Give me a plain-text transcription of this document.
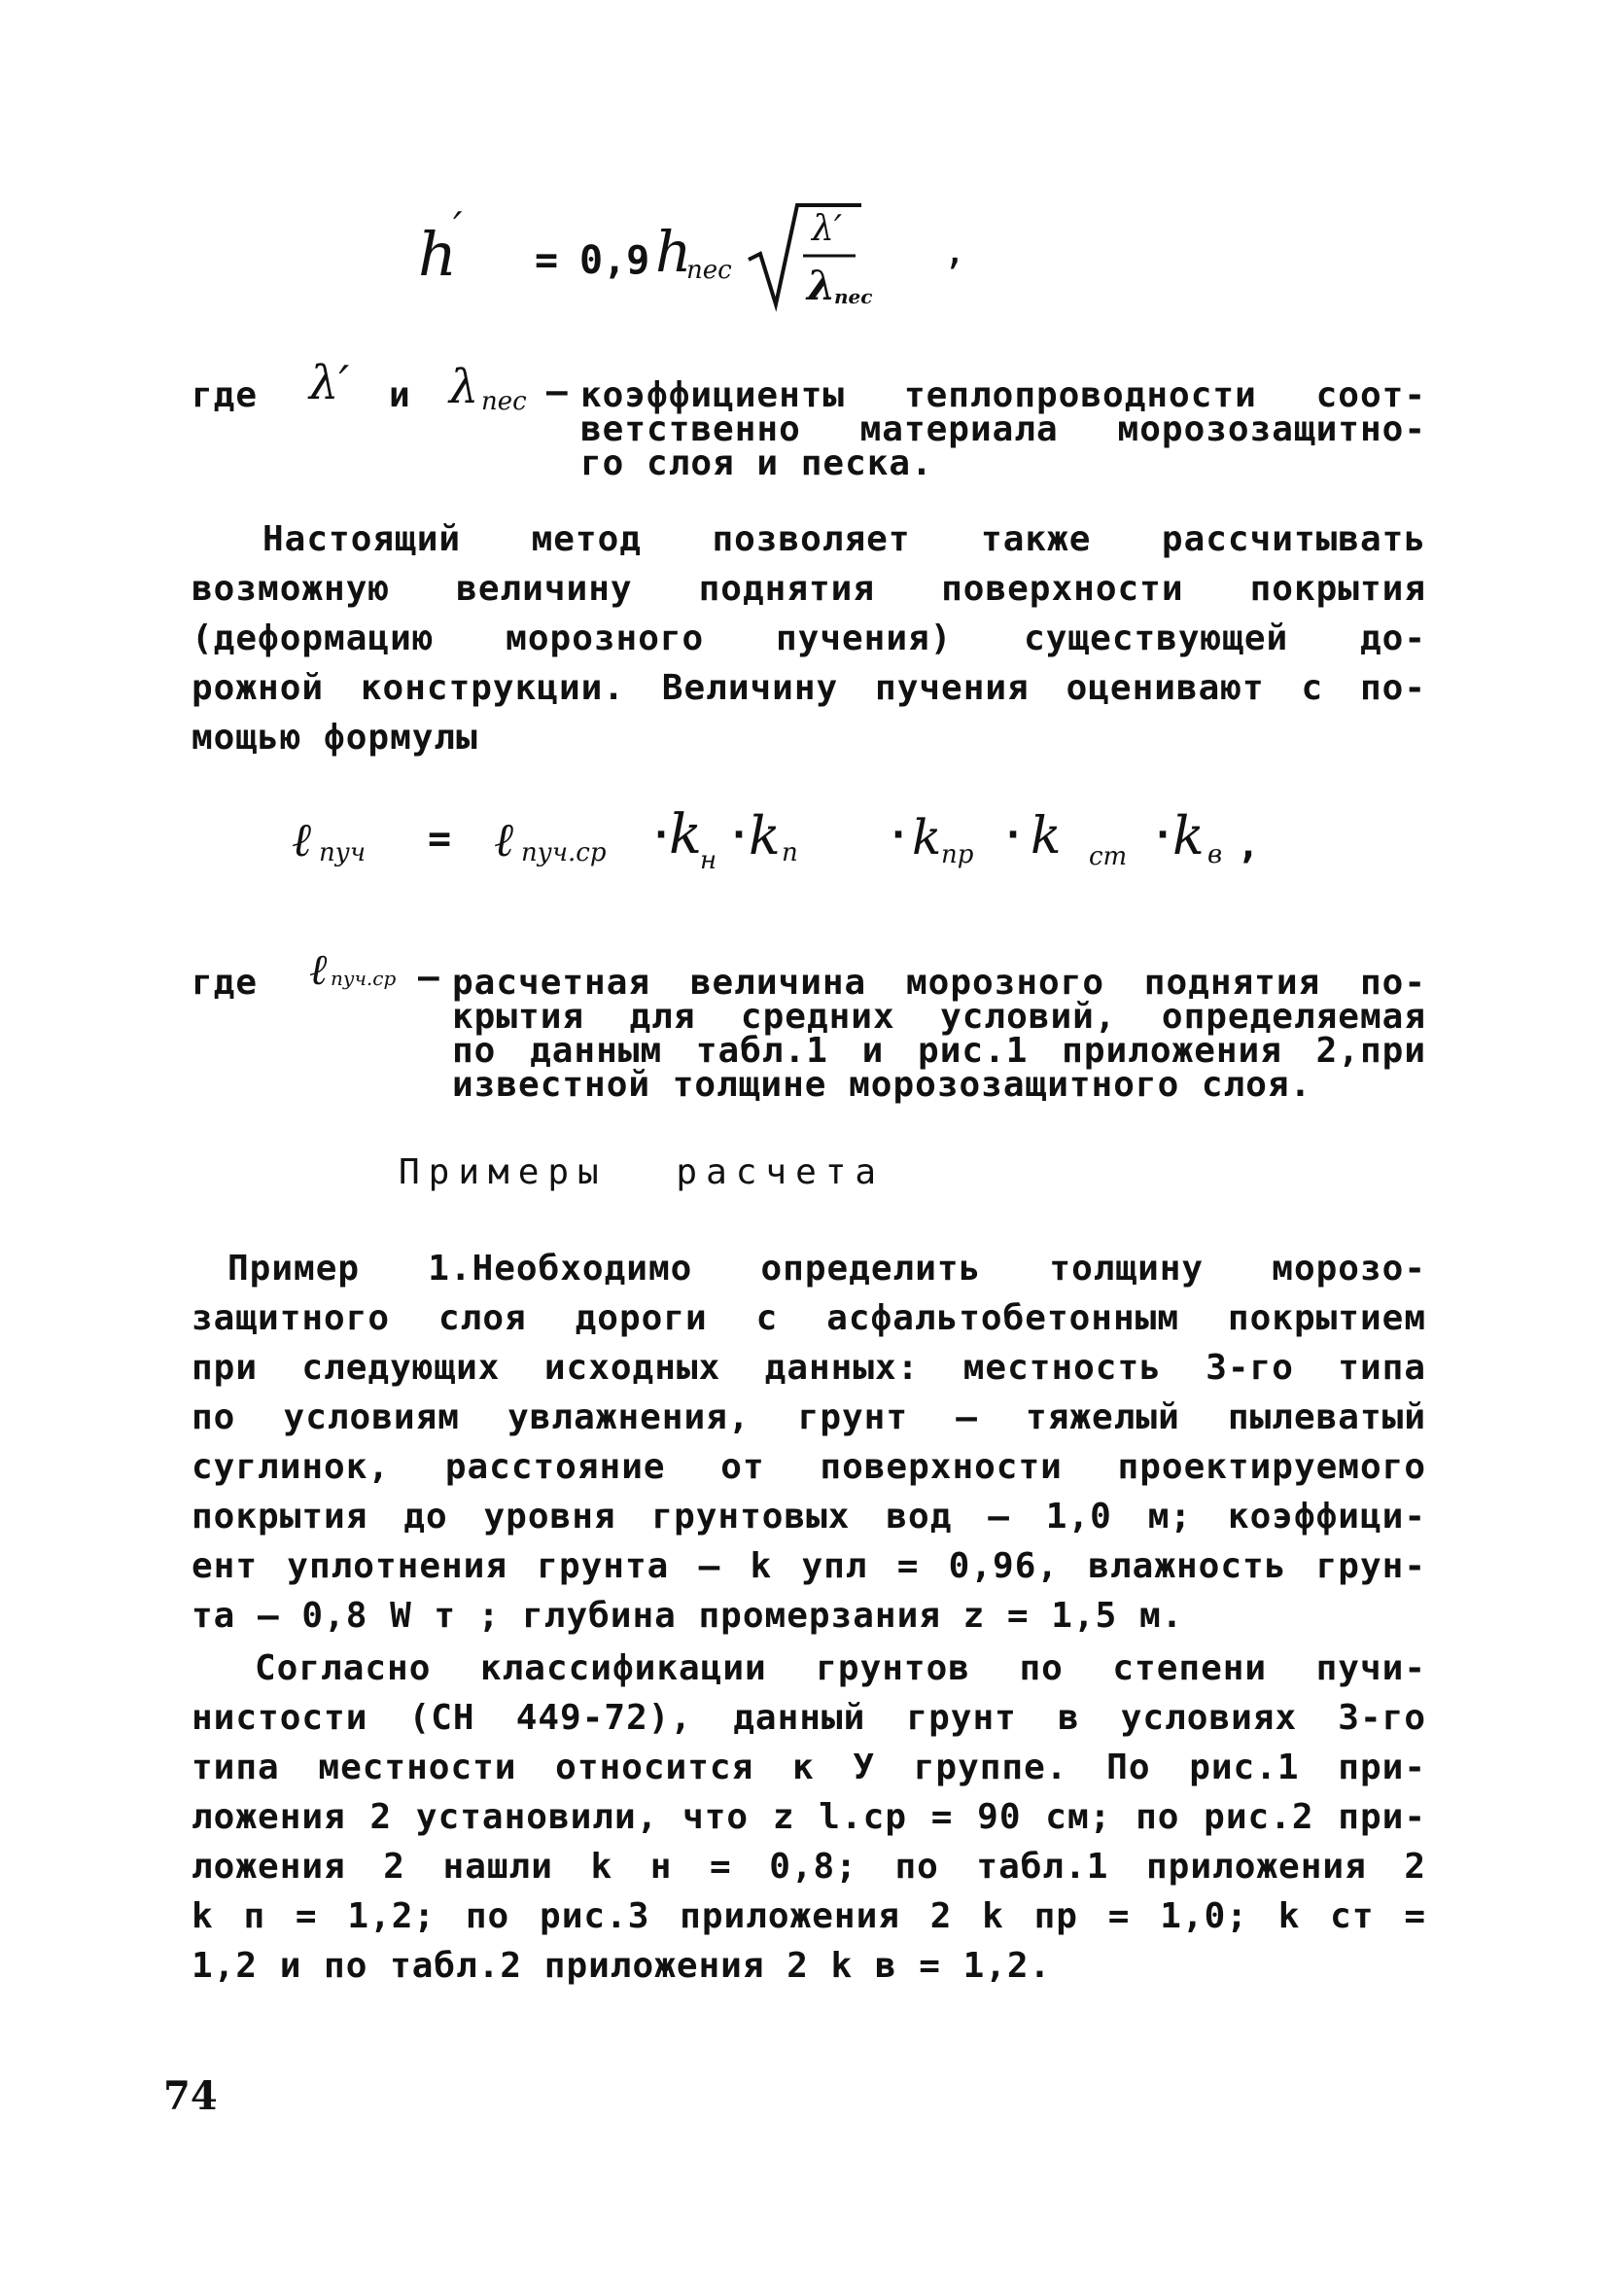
h
′
= 0,9 h
пес
λ′
λ
пес
,
где λ′ и λ пес – коэффициенты теплопроводности соот-
ветственно материала морозозащитно-
го слоя и песка.
Настоящий метод позволяет также рассчитывать
возможную величину поднятия поверхности покрытия
(деформацию морозного пучения) существующей до-
рожной конструкции. Величину пучения оценивают с по-
мощью формулы
ℓ пуч = ℓ пуч.ср ·
k
н
·
k п · k пр · k ст ·
k в ,
где ℓ пуч.ср – расчетная величина морозного поднятия по-
крытия для средних условий, определяемая
по данным табл.1 и рис.1 приложения 2,при
известной толщине морозозащитного слоя.
Примеры расчета
Пример 1.Необходимо определить толщину морозо-
защитного слоя дороги с асфальтобетонным покрытием
при следующих исходных данных: местность 3-го типа
по условиям увлажнения, грунт – тяжелый пылеватый
суглинок, расстояние от поверхности проектируемого
покрытия до уровня грунтовых вод – 1,0 м; коэффици-
ент уплотнения грунта – k упл = 0,96, влажность грун-
та – 0,8 W т ; глубина промерзания z = 1,5 м.
Согласно классификации грунтов по степени пучи-
нистости (СН 449-72), данный грунт в условиях 3-го
типа местности относится к У группе. По рис.1 при-
ложения 2 установили, что z l.ср = 90 см; по рис.2 при-
ложения 2 нашли k н = 0,8; по табл.1 приложения 2
k п = 1,2; по рис.3 приложения 2 k пр = 1,0; k ст =
1,2 и по табл.2 приложения 2 k в = 1,2.
74
